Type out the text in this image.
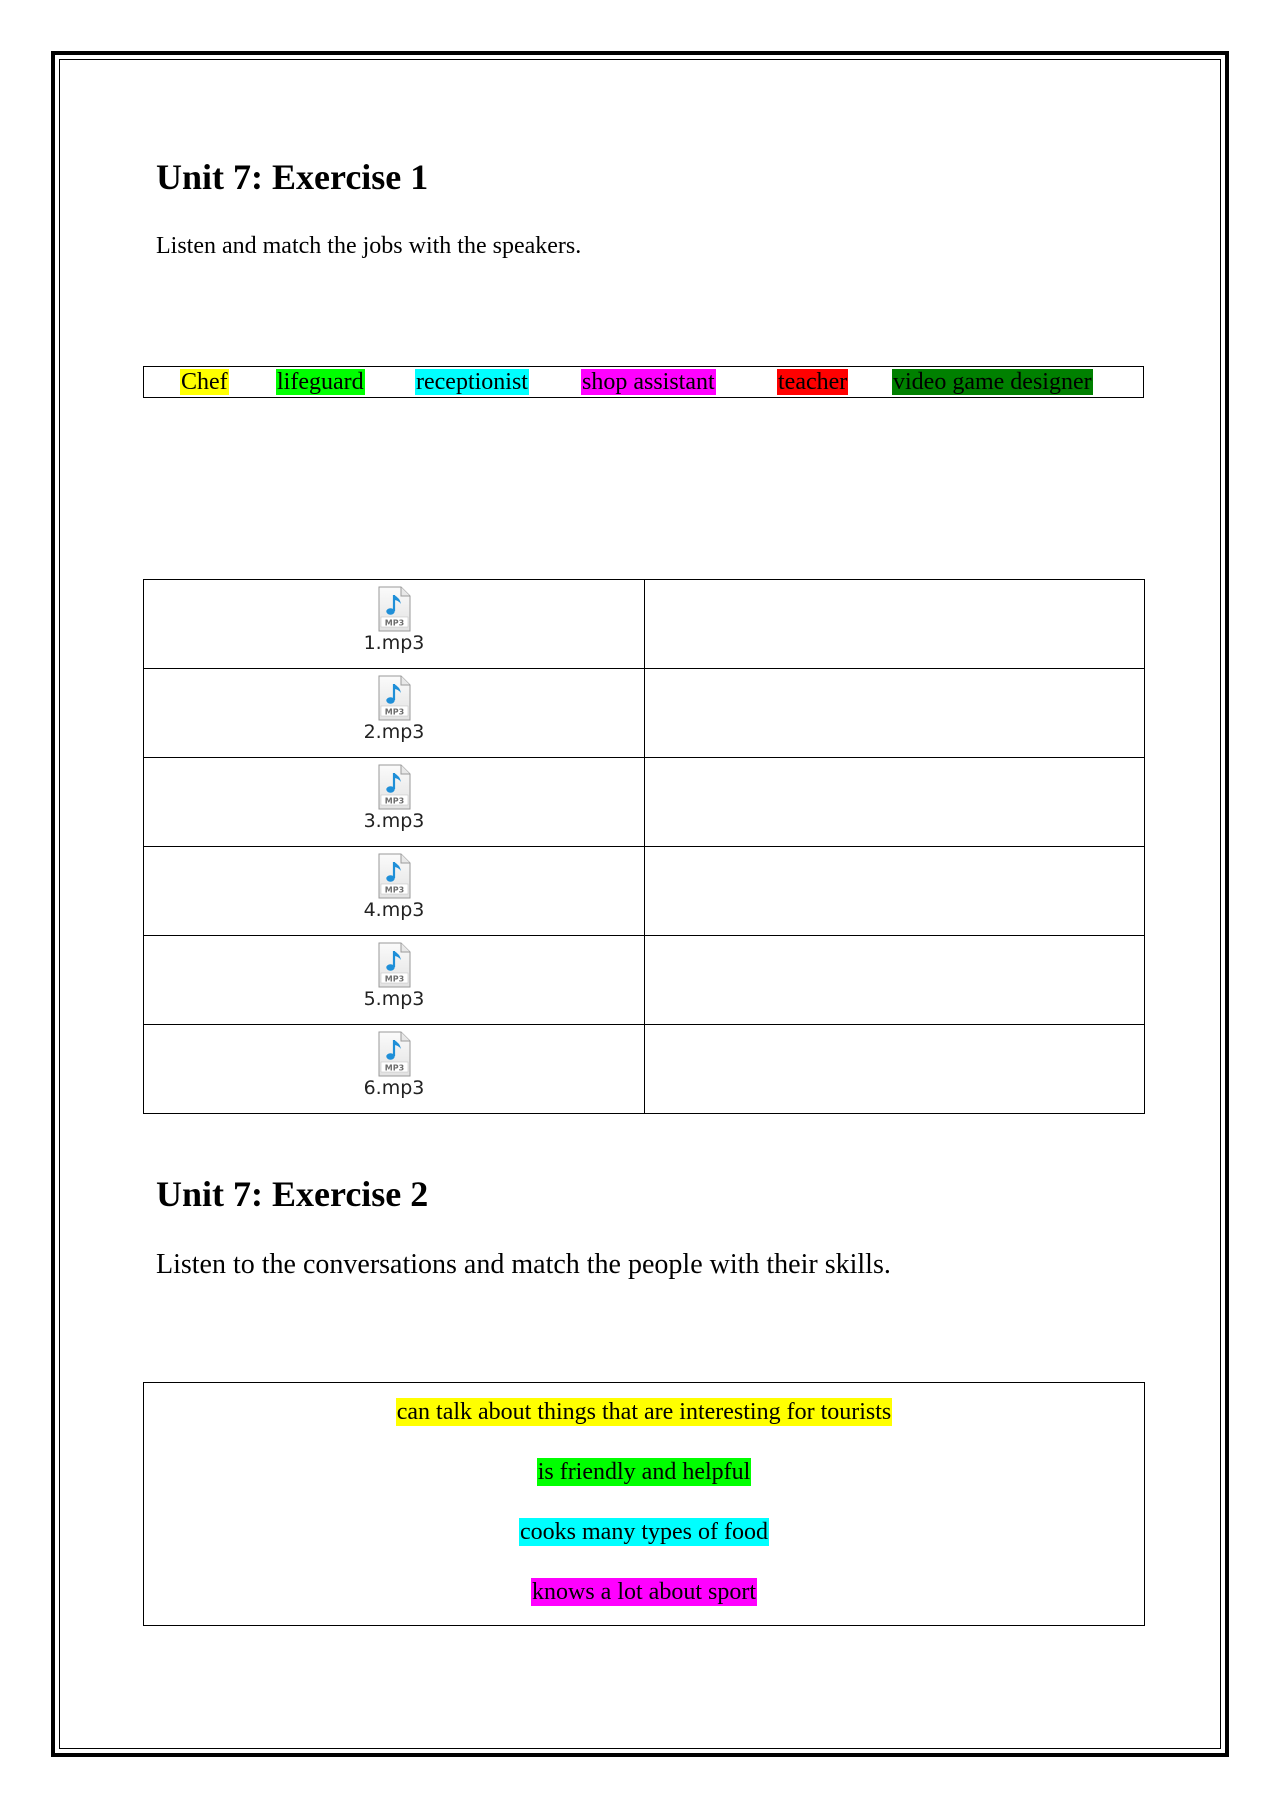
Unit 7: Exercise 1

Listen and match the jobs with the speakers.

Chef lifeguard receptionist shop assistant	teacher video game designer
MP3
1.mp3	

MP3
2.mp3	

MP3
3.mp3	

MP3
4.mp3	

MP3
5.mp3	

MP3
6.mp3	

Unit 7: Exercise 2

Listen to the conversations and match the people with their skills.

can talk about things that are interesting for tourists
is friendly and helpful
cooks many types of food
knows a lot about sport
